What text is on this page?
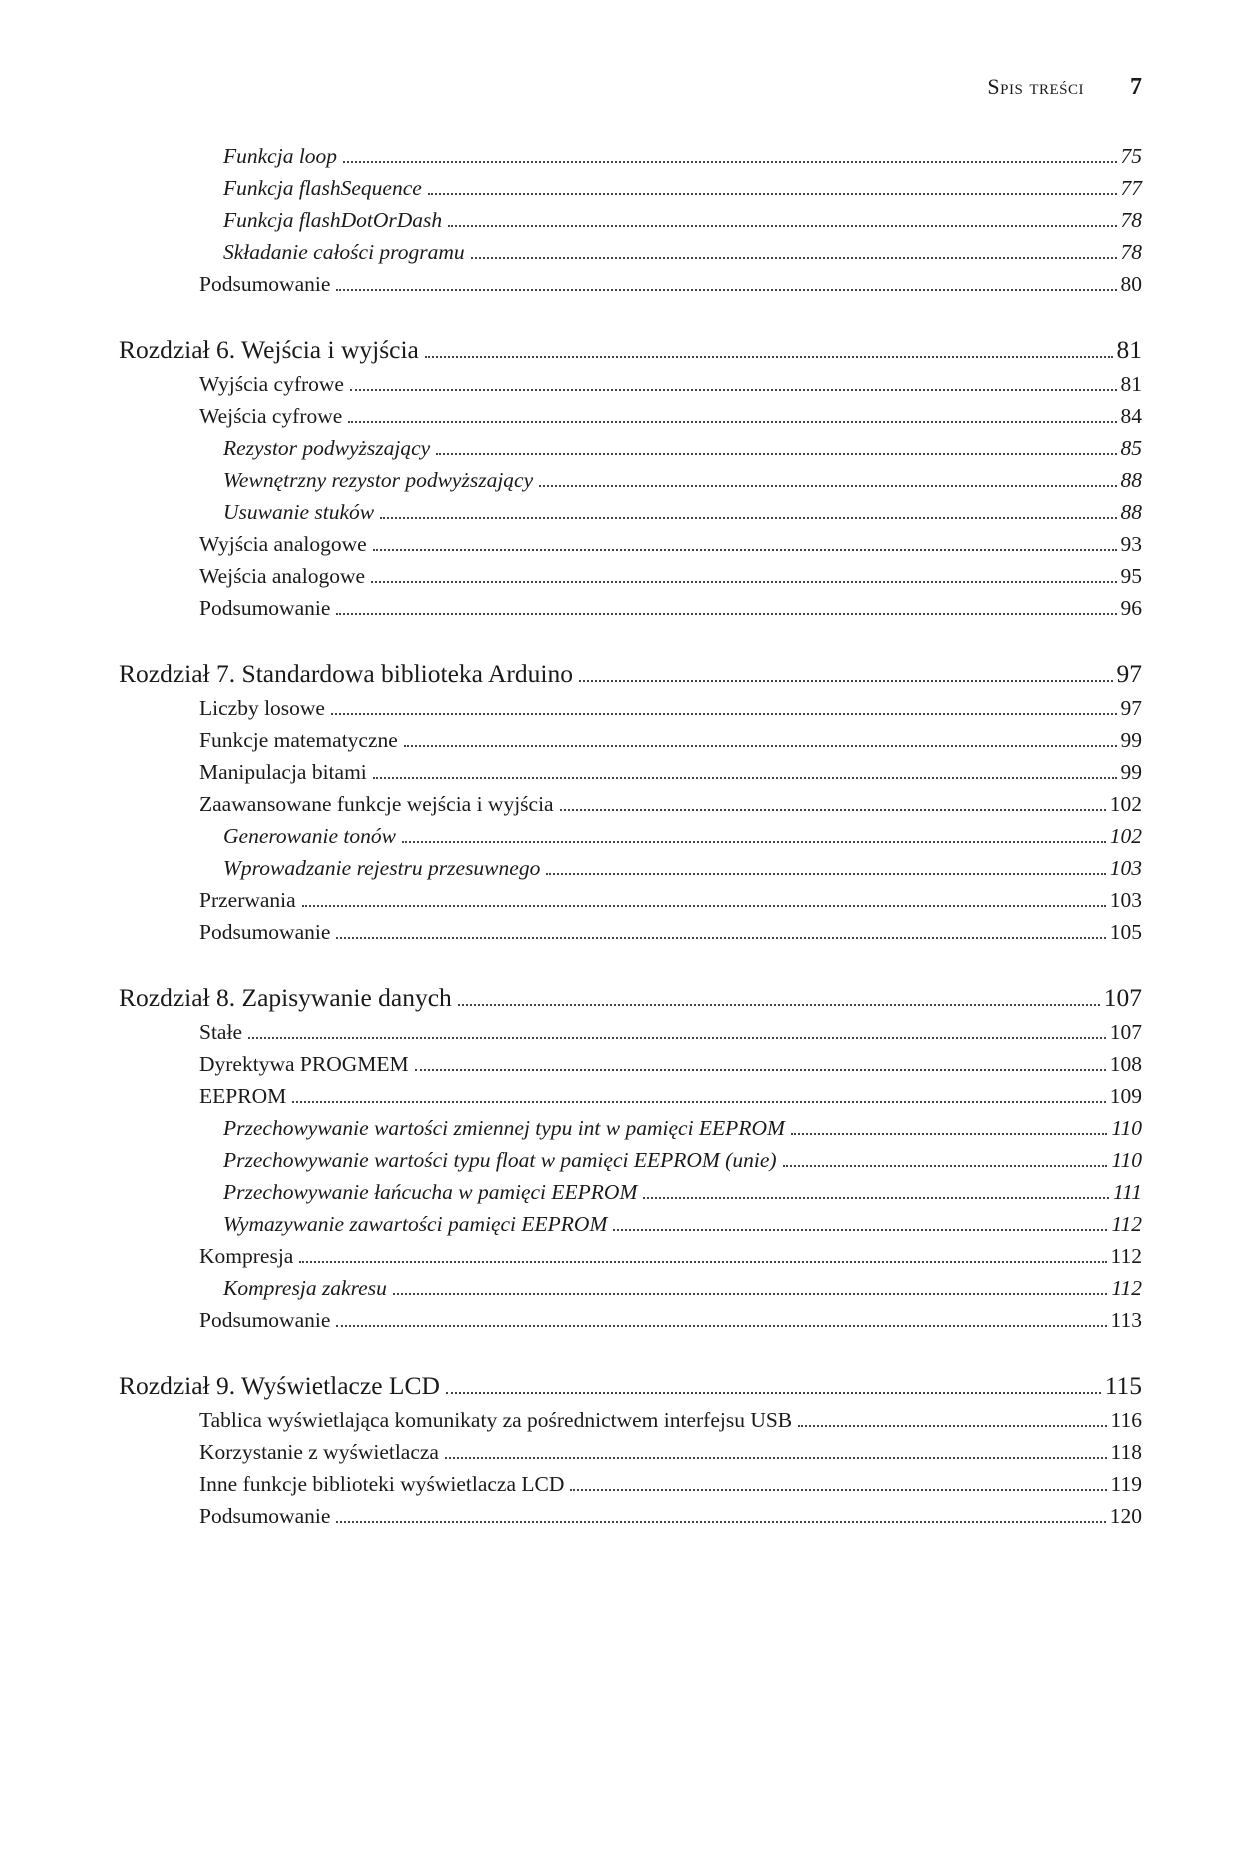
Spis treści 7
Funkcja loop	75
Funkcja flashSequence	77
Funkcja flashDotOrDash	78
Składanie całości programu	78
Podsumowanie	80
Rozdział 6. Wejścia i wyjścia	81
Wyjścia cyfrowe	81
Wejścia cyfrowe	84
Rezystor podwyższający	85
Wewnętrzny rezystor podwyższający	88
Usuwanie stuków	88
Wyjścia analogowe	93
Wejścia analogowe	95
Podsumowanie	96
Rozdział 7. Standardowa biblioteka Arduino	97
Liczby losowe	97
Funkcje matematyczne	99
Manipulacja bitami	99
Zaawansowane funkcje wejścia i wyjścia	102
Generowanie tonów	102
Wprowadzanie rejestru przesuwnego	103
Przerwania	103
Podsumowanie	105
Rozdział 8. Zapisywanie danych	107
Stałe	107
Dyrektywa PROGMEM	108
EEPROM	109
Przechowywanie wartości zmiennej typu int w pamięci EEPROM	110
Przechowywanie wartości typu float w pamięci EEPROM (unie)	110
Przechowywanie łańcucha w pamięci EEPROM	111
Wymazywanie zawartości pamięci EEPROM	112
Kompresja	112
Kompresja zakresu	112
Podsumowanie	113
Rozdział 9. Wyświetlacze LCD	115
Tablica wyświetlająca komunikaty za pośrednictwem interfejsu USB	116
Korzystanie z wyświetlacza	118
Inne funkcje biblioteki wyświetlacza LCD	119
Podsumowanie	120
